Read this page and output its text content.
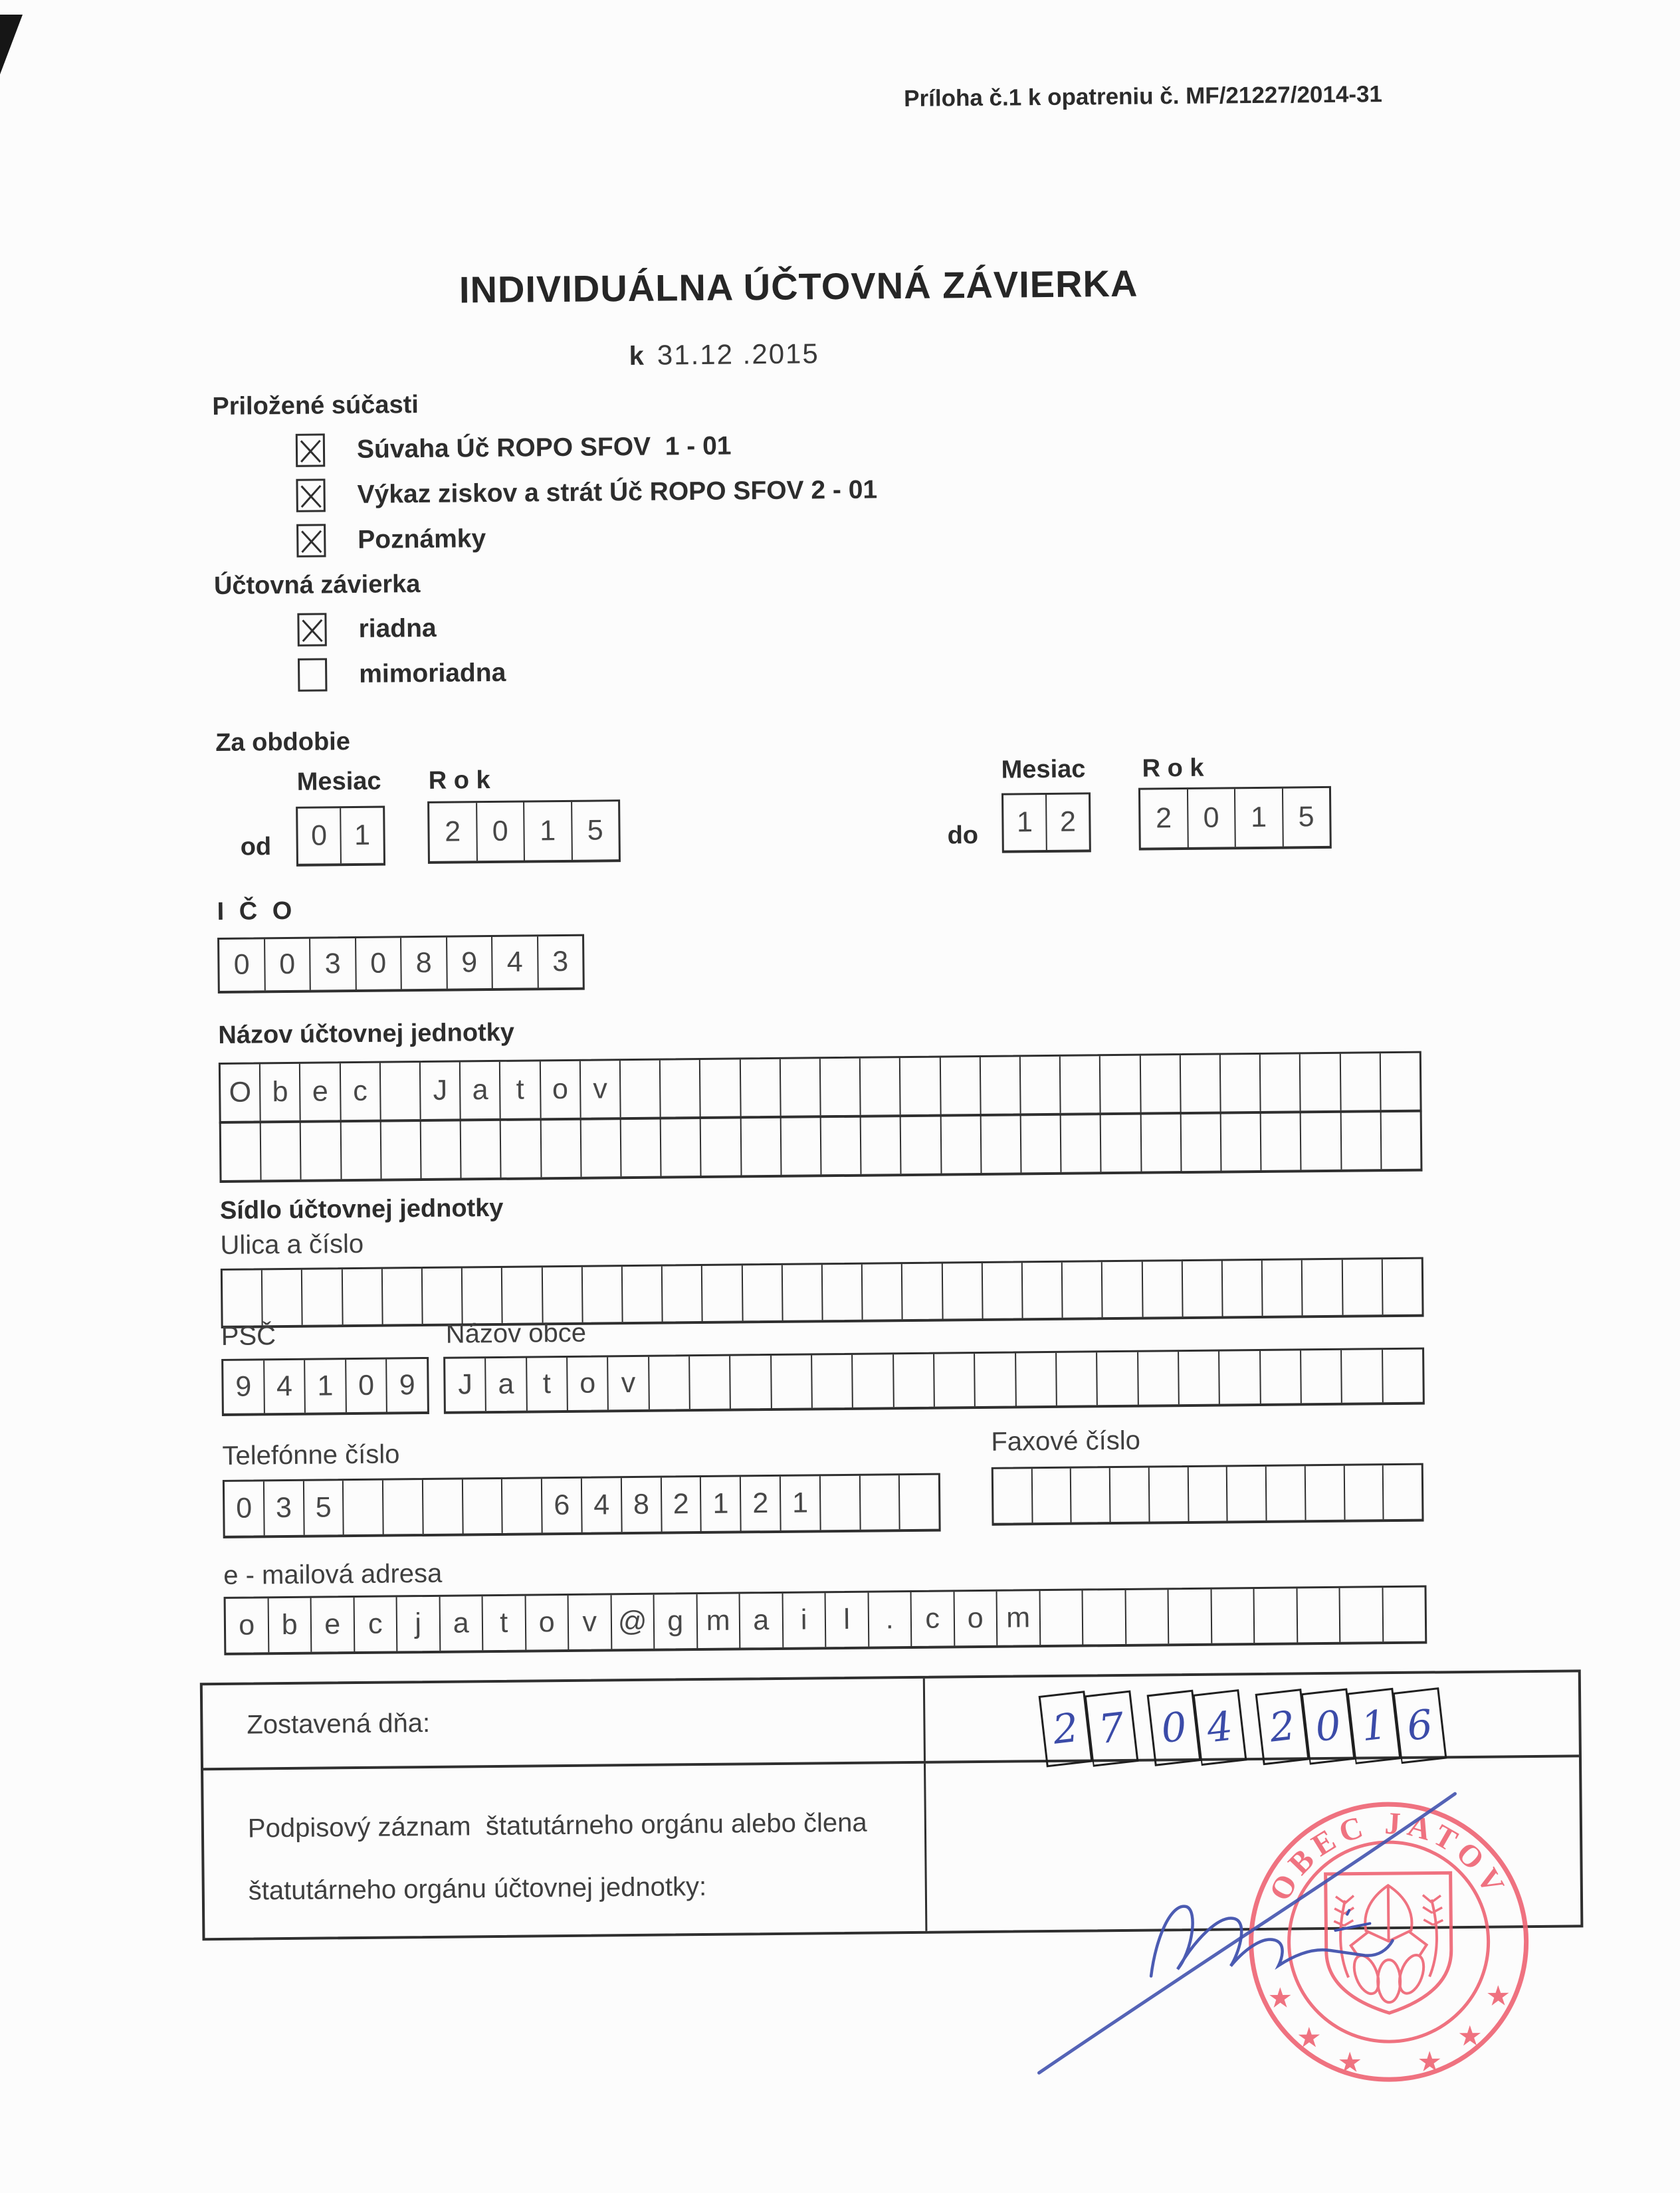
Príloha č.1 k opatreniu č. MF/21227/2014-31
INDIVIDUÁLNA ÚČTOVNÁ ZÁVIERKA
k 31.12 .2015
Priložené súčasti
Súvaha Úč ROPO SFOV  1 - 01
Výkaz ziskov a strát Úč ROPO SFOV 2 - 01
Poznámky
Účtovná závierka
riadna
mimoriadna
Za obdobie
Mesiac R o k
od	0 1	2	0	1	5
Mesiac R o k
do	1 2	2	0	1	5
I Č O
0	0	3	0	8	9	4	3
Názov účtovnej jednotky
O b e c	J a t o v
Sídlo účtovnej jednotky
Ulica a číslo
PSČ	Názov obce
9 4 1 0 9	J a t o v
Telefónne číslo	Faxové číslo
0 3 5	6 4 8 2 1 2 1
e - mailová adresa
o b e c	j	a	t	o v @ g m a	i	l	.	c o m
Zostavená dňa:	2 7 0 4 2 0 1 6
Podpisový záznam  štatutárneho orgánu alebo člena
štatutárneho orgánu účtovnej jednotky:	OBEC JATOV
★
★
★
★
★
★
